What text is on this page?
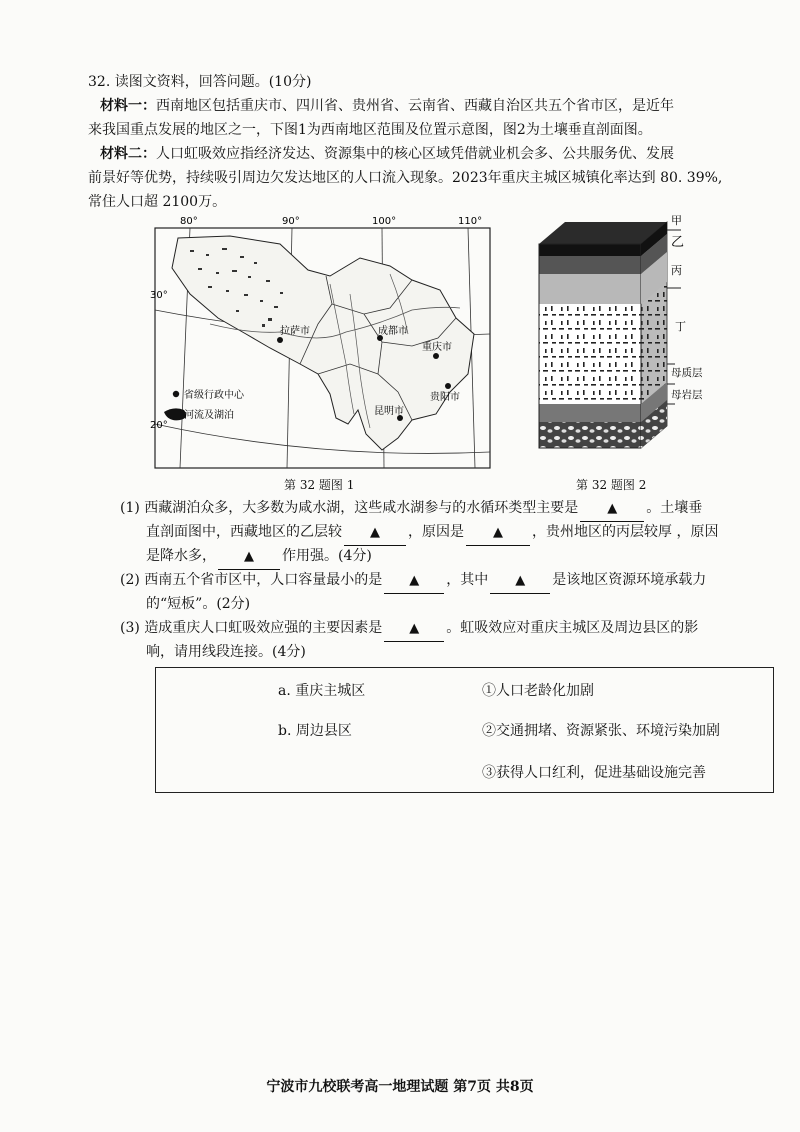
32. 读图文资料，回答问题。(10分)
材料一：西南地区包括重庆市、四川省、贵州省、云南省、西藏自治区共五个省市区，是近年
来我国重点发展的地区之一，下图1为西南地区范围及位置示意图，图2为土壤垂直剖面图。
材料二：人口虹吸效应指经济发达、资源集中的核心区域凭借就业机会多、公共服务优、发展
前景好等优势，持续吸引周边欠发达地区的人口流入现象。2023年重庆主城区城镇化率达到 80. 39%,
常住人口超 2100万。
80°	90°	100°	110°
30°
20°
拉萨市	成都市
重庆市
贵阳市
昆明市
省级行政中心
河流及湖泊
第 32 题图 1
甲
乙
丙
丁
母质层
母岩层
第 32 题图 2
(1) 西藏湖泊众多，大多数为咸水湖，这些咸水湖参与的水循环类型主要是 ▲ 。土壤垂
直剖面图中，西藏地区的乙层较 ▲ ，原因是 ▲ ，贵州地区的丙层较厚 ，原因
是降水多， ▲ 作用强。(4分)
(2) 西南五个省市区中，人口容量最小的是 ▲ ，其中 ▲ 是该地区资源环境承载力
的“短板”。(2分)
(3) 造成重庆人口虹吸效应强的主要因素是 ▲ 。虹吸效应对重庆主城区及周边县区的影
响，请用线段连接。(4分)
a. 重庆主城区
b. 周边县区
①人口老龄化加剧
②交通拥堵、资源紧张、环境污染加剧
③获得人口红利，促进基础设施完善
宁波市九校联考高一地理试题 第7页 共8页
